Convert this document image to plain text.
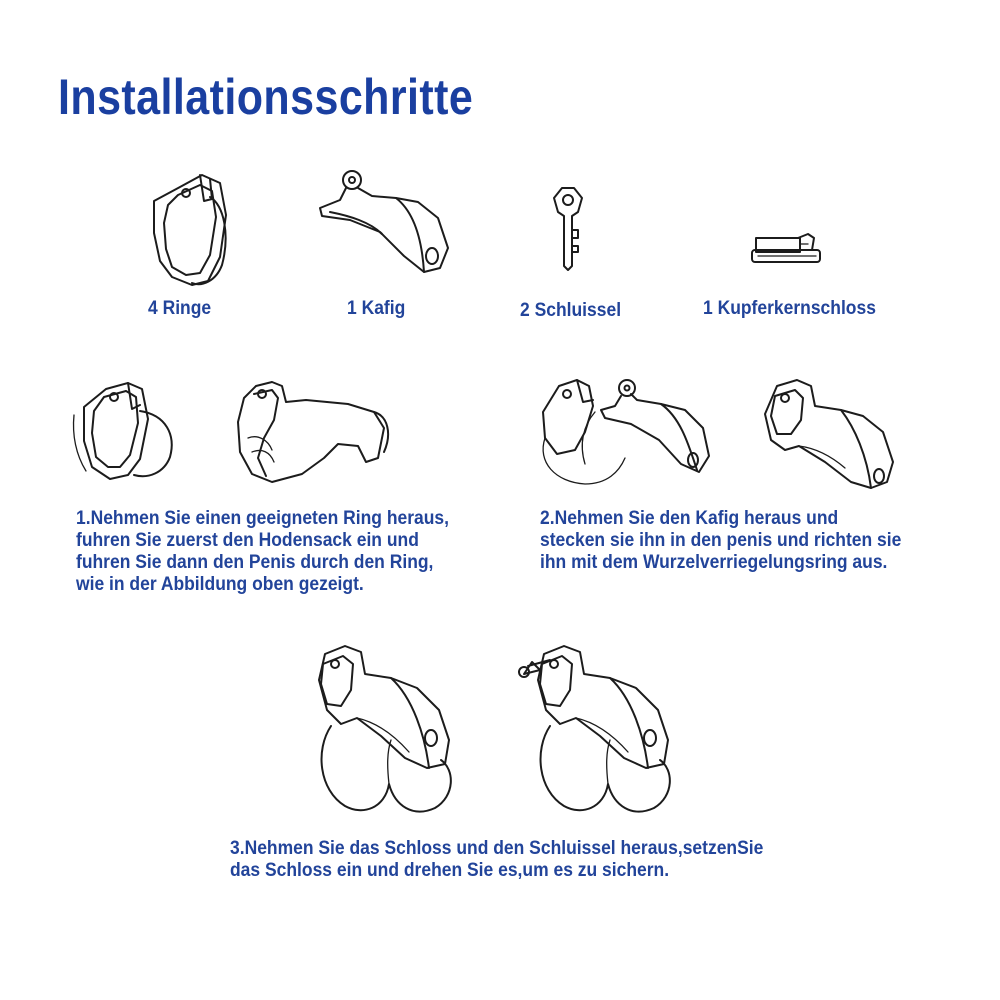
Installationsschritte
4 Ringe	1 Kafig	2 Schluissel	1 Kupferkernschloss
1.Nehmen Sie einen geeigneten Ring heraus,
fuhren Sie zuerst den Hodensack ein und
fuhren Sie dann den Penis durch den Ring,
wie in der Abbildung oben gezeigt.
2.Nehmen Sie den Kafig heraus und
stecken sie ihn in den penis und richten sie
ihn mit dem Wurzelverriegelungsring aus.
3.Nehmen Sie das Schloss und den Schluissel heraus,setzenSie
das Schloss ein und drehen Sie es,um es zu sichern.
